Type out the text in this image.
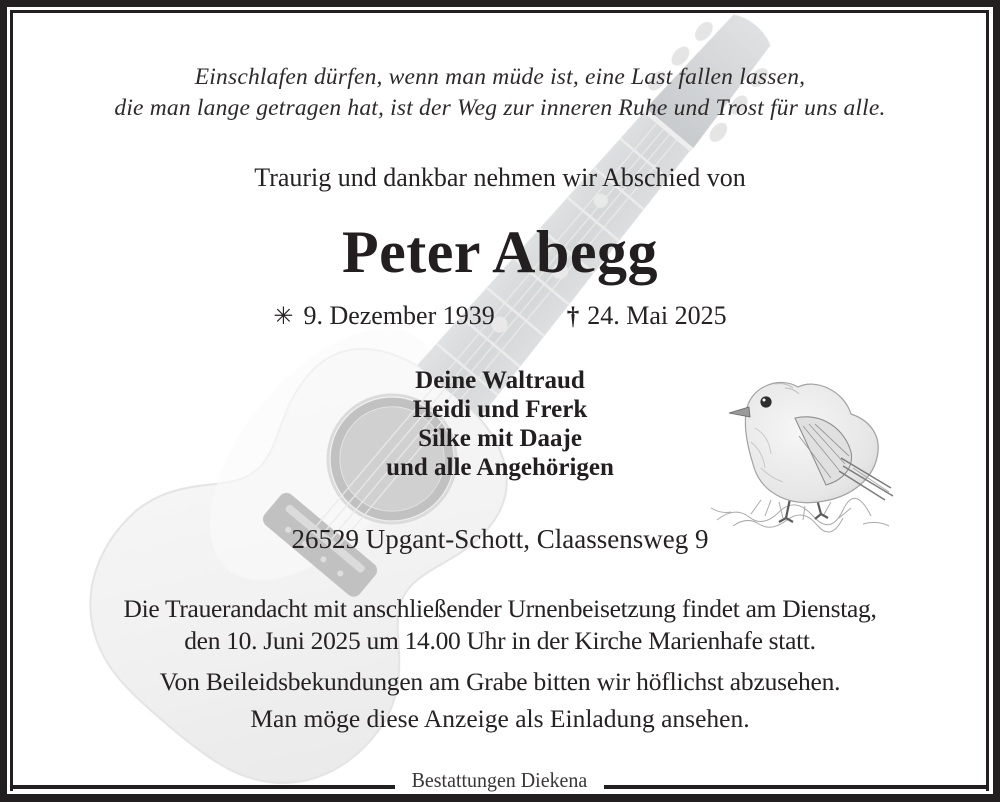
Einschlafen dürfen, wenn man müde ist, eine Last fallen lassen,
die man lange getragen hat, ist der Weg zur inneren Ruhe und Trost für uns alle.
Traurig und dankbar nehmen wir Abschied von
Peter Abegg
✳ 9. Dezember 1939	† 24. Mai 2025
Deine Waltraud
Heidi und Frerk
Silke mit Daaje
und alle Angehörigen
26529 Upgant-Schott, Claassensweg 9
Die Trauerandacht mit anschließender Urnenbeisetzung findet am Dienstag,
den 10. Juni 2025 um 14.00 Uhr in der Kirche Marienhafe statt.
Von Beileidsbekundungen am Grabe bitten wir höflichst abzusehen.
Man möge diese Anzeige als Einladung ansehen.
Bestattungen Diekena
